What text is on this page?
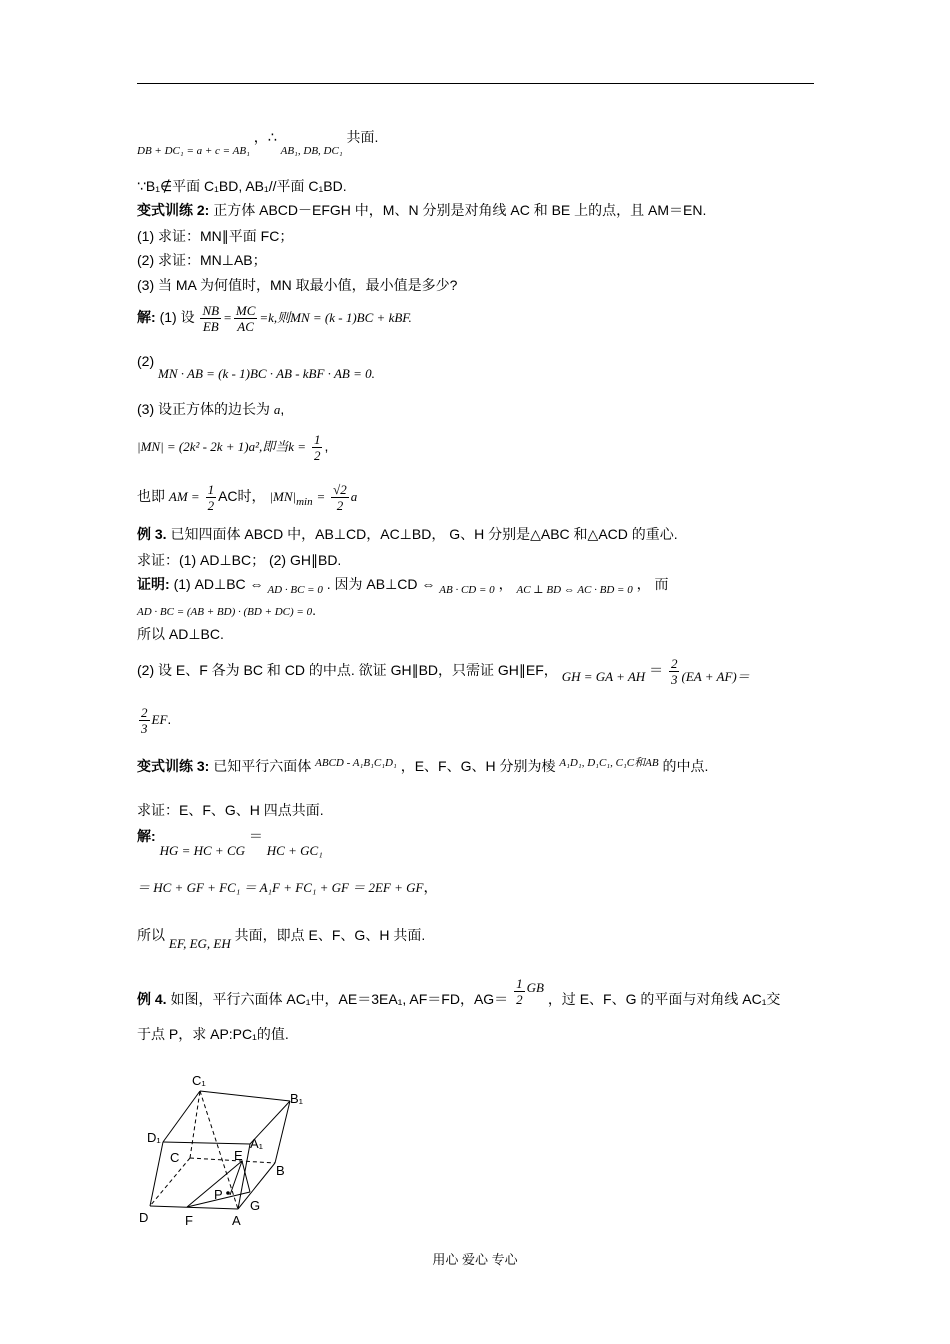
$_{DB + DC_1 = a + c = AB_1}$ ，∴ $_{AB_1, DB, DC_1}$ 共面.
∵B₁∉平面 C₁BD, AB₁//平面 C₁BD.
变式训练 2: 正方体 ABCD－EFGH 中，M、N 分别是对角线 AC 和 BE 上的点，且 AM＝EN.
(1) 求证：MN∥平面 FC；
(2) 求证：MN⊥AB；
(3) 当 MA 为何值时，MN 取最小值，最小值是多少?
解: (1) 设 $\frac{NB}{EB} = \frac{MC}{AC} =k$,则MN = (k - 1)BC + kBF.
(2) MN · AB = (k - 1)BC · AB - kBF · AB = 0.
(3) 设正方体的边长为 a,
|MN| = (2k² - 2k + 1)a²,即当$k = \frac{1}{2}$ ,
也即 AM = $\frac{1}{2}$ AC时， $|MN|_{min} = \frac{√2}{2}$ a
例 3. 已知四面体 ABCD 中，AB⊥CD，AC⊥BD， G、H 分别是△ABC 和△ACD 的重心.
求证：(1) AD⊥BC； (2) GH∥BD.
证明: (1) AD⊥BC ⇔ $_{AD \cdot BC = 0}$ . 因为 AB⊥CD ⇔ $_{AB \cdot CD = 0}$ ， $_{AC \perp BD \Leftrightarrow AC \cdot BD = 0}$ ， 而
AD · BC = (AB + BD) · (BD + DC) = 0.
所以 AD⊥BC.
(2) 设 E、F 各为 BC 和 CD 的中点. 欲证 GH∥BD，只需证 GH∥EF， GH = GA + AH ＝ $\frac{2}{3} (EA + AF)=$
$\frac{2}{3}$ EF.
变式训练 3: 已知平行六面体 $^{ABCD - A_1B_1C_1D_1}$ ，E、F、G、H 分别为棱 $^{A_1D_1, D_1C_1, C_1C和AB}$ 的中点.
求证：E、F、G、H 四点共面.
解: HG = HC + CG ＝ HC + GC₁
＝ HC + GF + FC₁ ＝ A₁F + FC₁ + GF ＝ 2EF + GF，
所以 EF, EG, EH 共面，即点 E、F、G、H 共面.
例 4. 如图，平行六面体 AC₁中，AE＝3EA₁, AF＝FD，$AG= \frac{1}{2}$ GB ，过 E、F、G 的平面与对角线 AC₁交
于点 P，求 AP:PC₁的值.
C₁
B₁
D₁	A₁
C	E
B
P
G
D	F	A
用心 爱心 专心
